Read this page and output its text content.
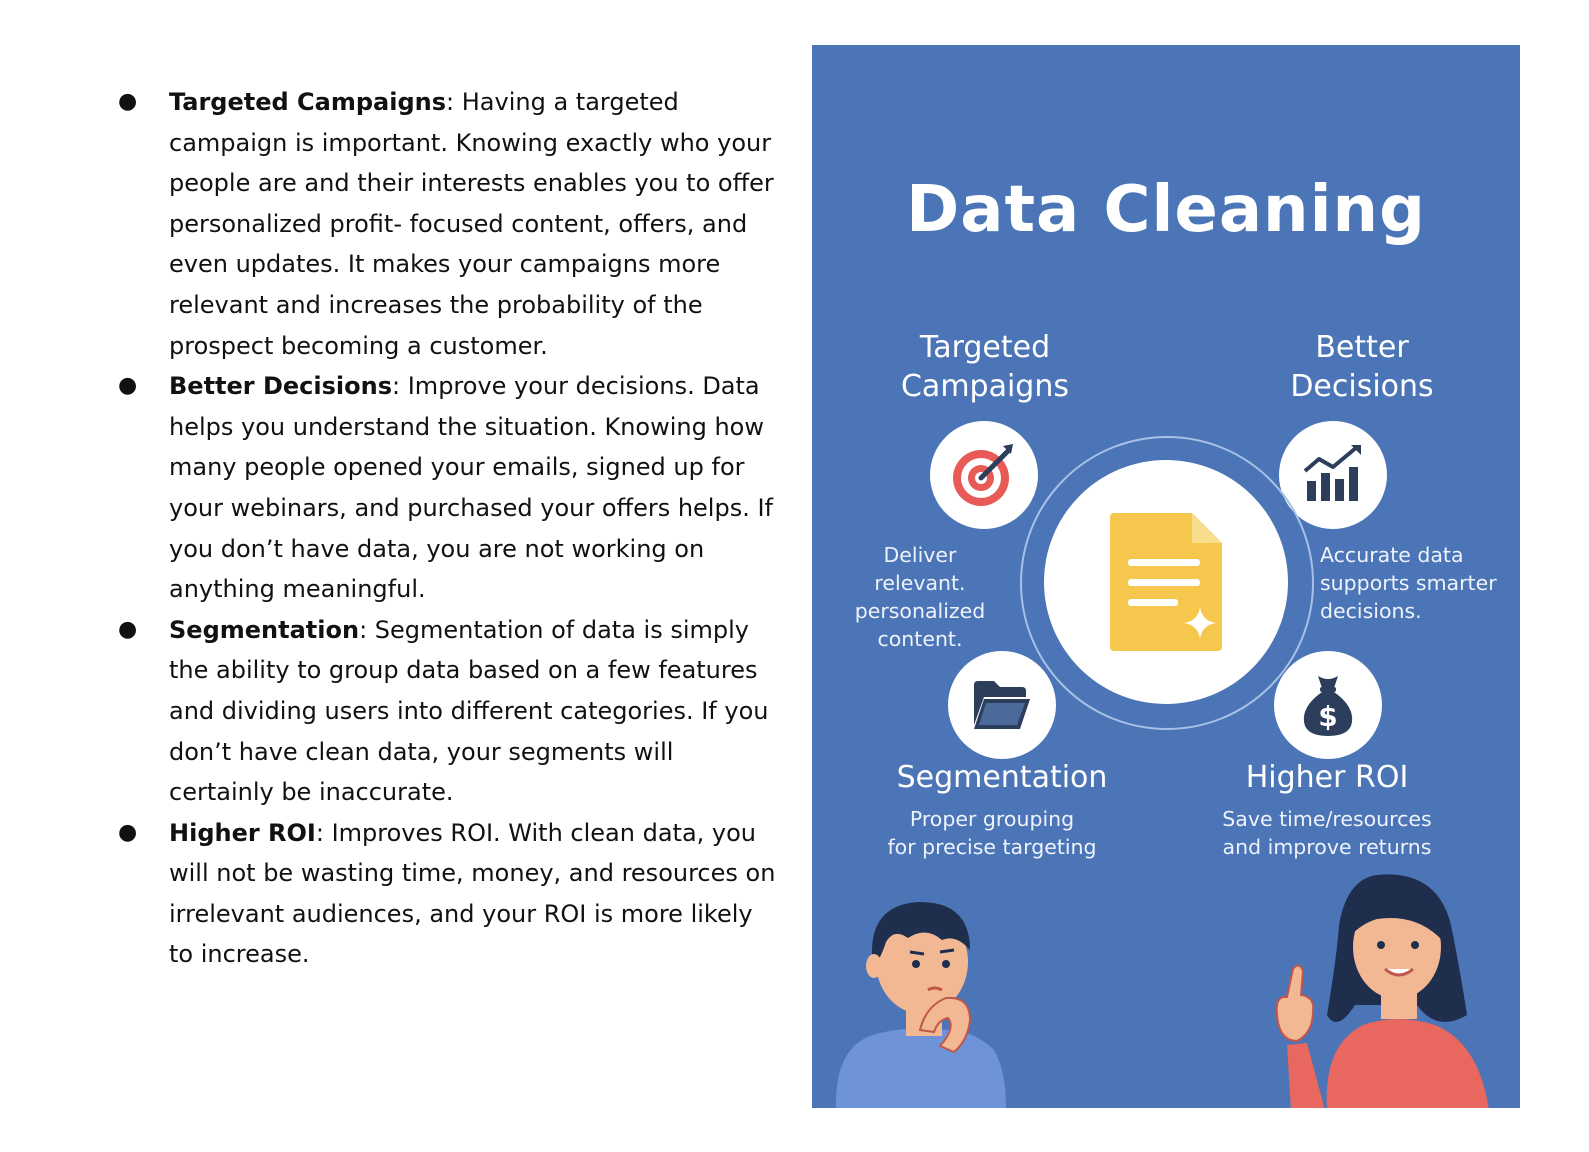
● Targeted Campaigns: Having a targeted campaign is important. Knowing exactly who your people are and their interests enables you to offer personalized profit- focused content, offers, and even updates. It makes your campaigns more relevant and increases the probability of the prospect becoming a customer.
● Better Decisions: Improve your decisions. Data helps you understand the situation. Knowing how many people opened your emails, signed up for your webinars, and purchased your offers helps. If you don’t have data, you are not working on anything meaningful.
● Segmentation: Segmentation of data is simply the ability to group data based on a few features and dividing users into different categories. If you don’t have clean data, your segments will certainly be inaccurate.
● Higher ROI: Improves ROI. With clean data, you will not be wasting time, money, and resources on irrelevant audiences, and your ROI is more likely to increase.
Data Cleaning
Targeted
Campaigns
Deliver
relevant.
personalized
content.
Better
Decisions
Accurate data
supports smarter
decisions.
Segmentation
Proper grouping
for precise targeting
$
Higher ROI
Save time/resources
and improve returns
